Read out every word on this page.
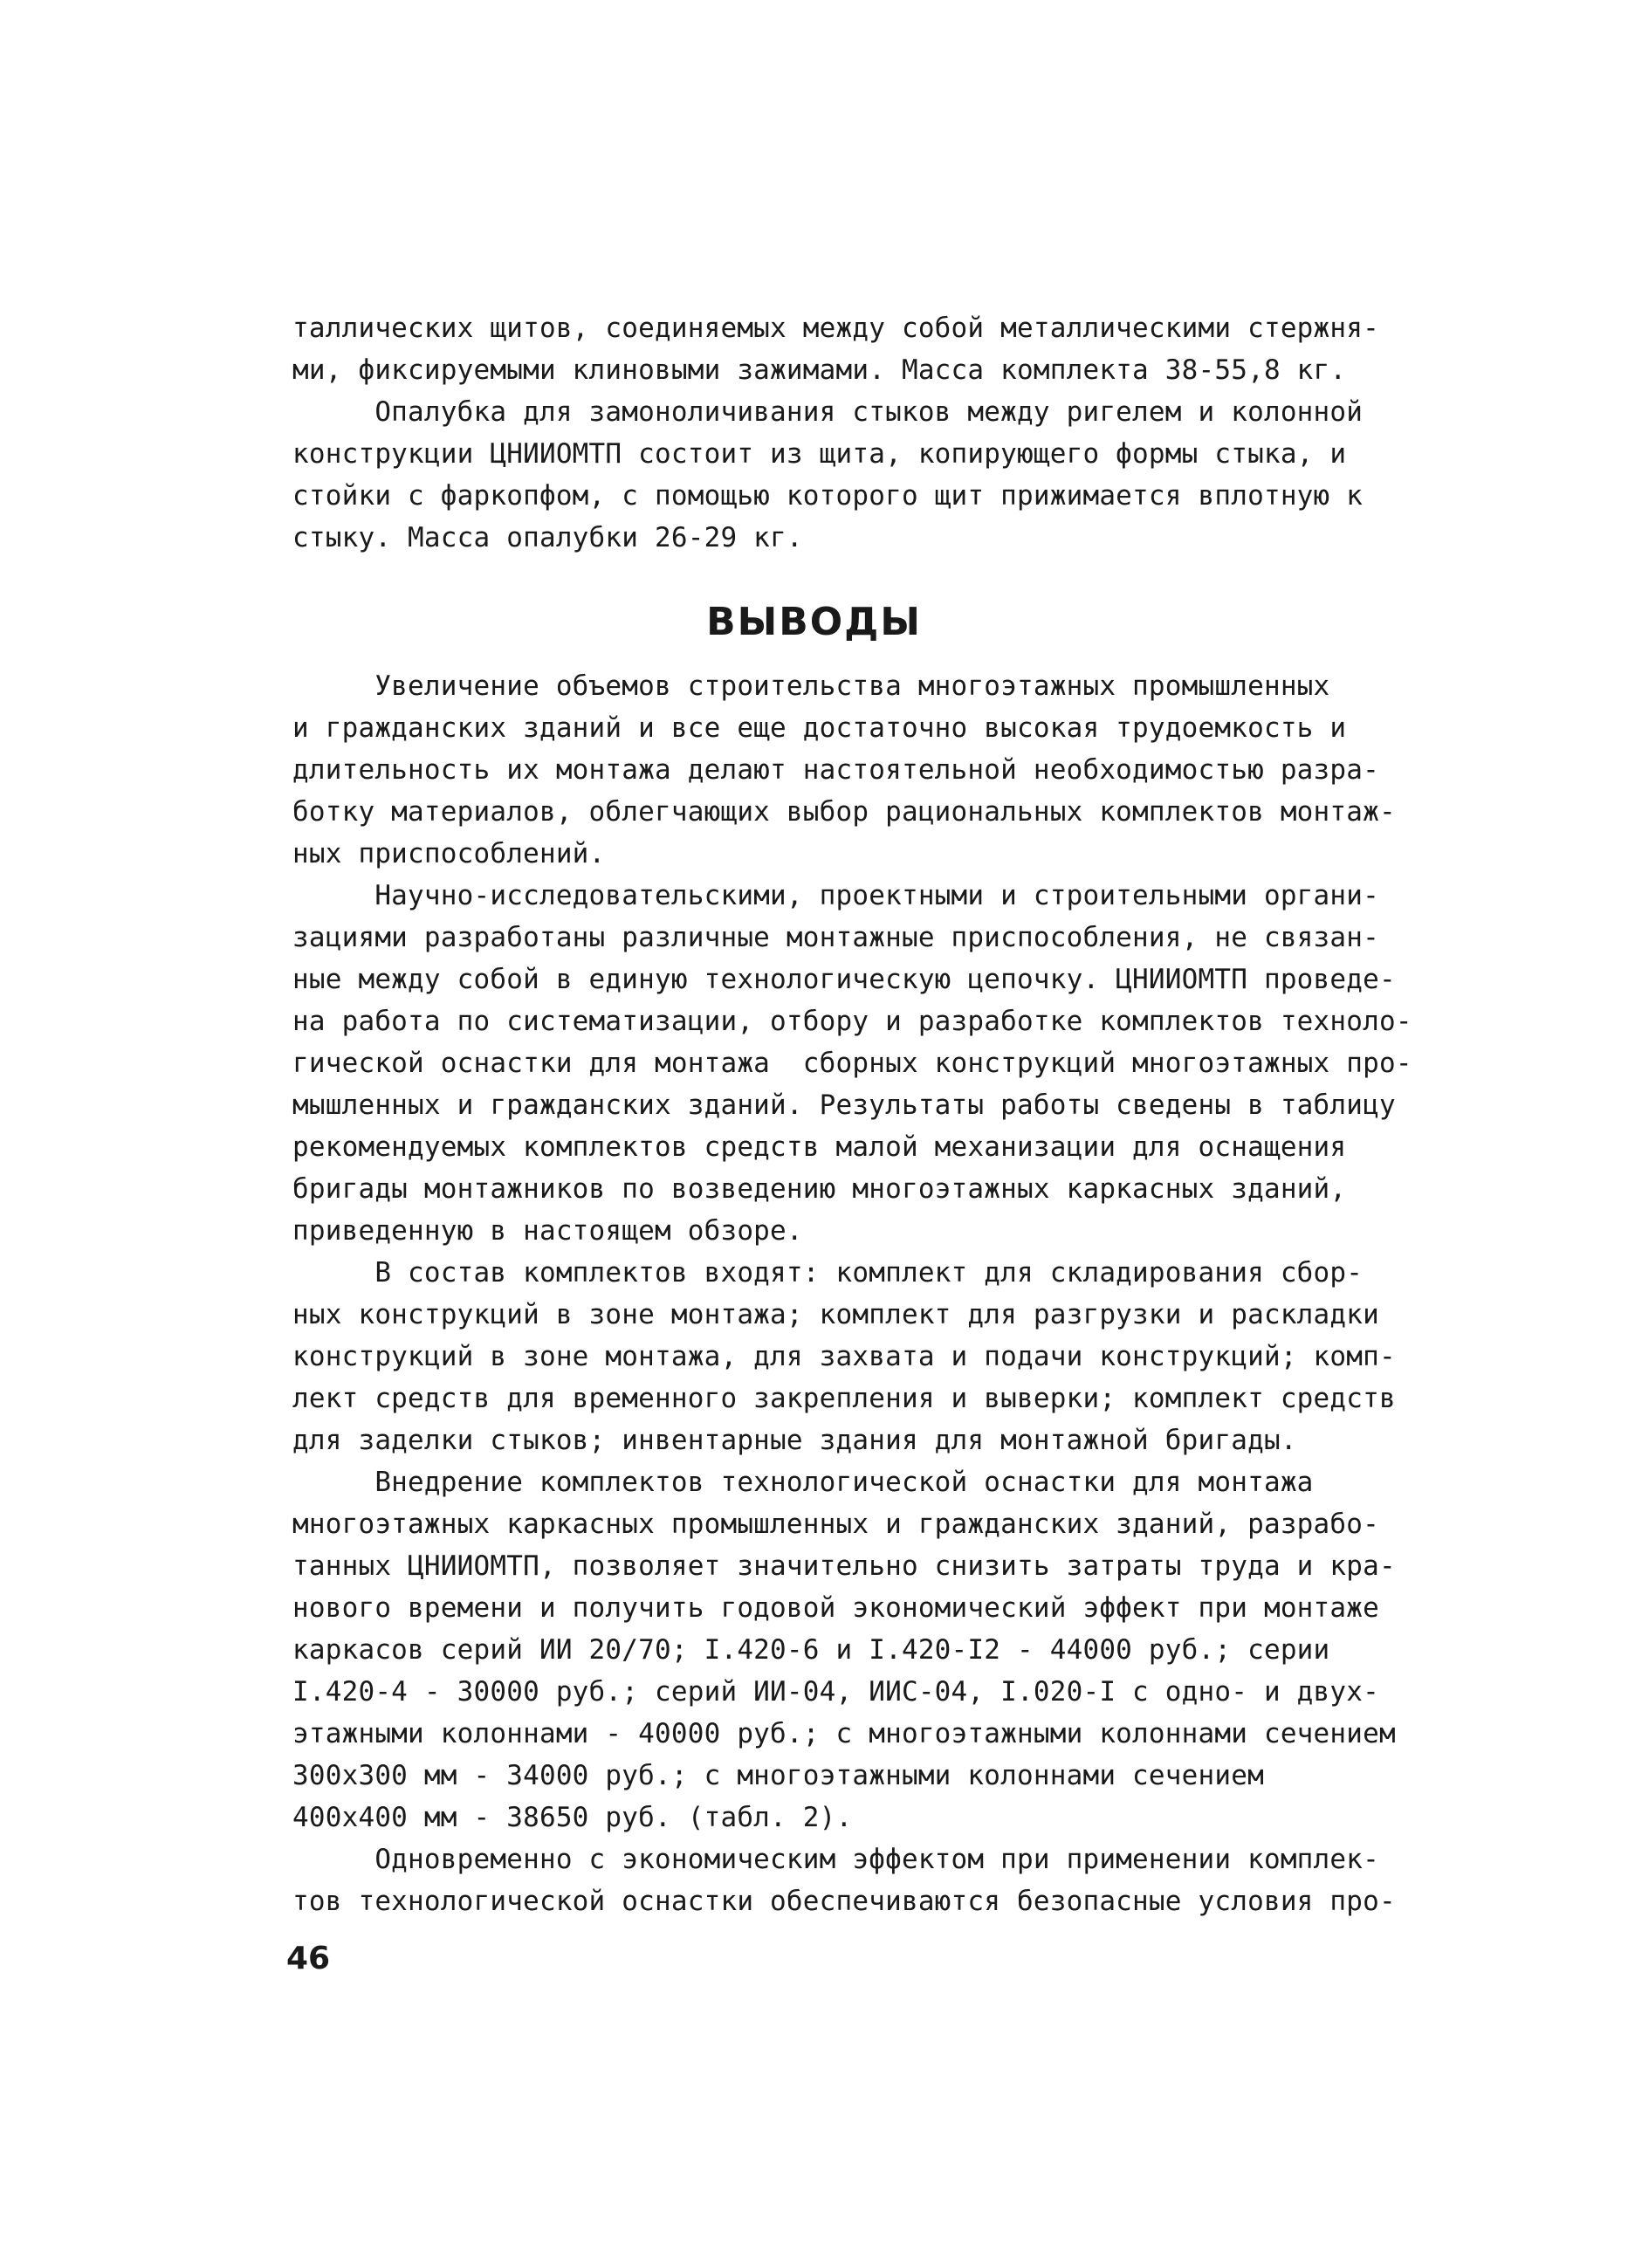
таллических щитов, соединяемых между собой металлическими стержня-
ми, фиксируемыми клиновыми зажимами. Масса комплекта 38-55,8 кг.
Опалубка для замоноличивания стыков между ригелем и колонной
конструкции ЦНИИОМТП состоит из щита, копирующего формы стыка, и
стойки с фаркопфом, с помощью которого щит прижимается вплотную к
стыку. Масса опалубки 26-29 кг.
ВЫВОДЫ
Увеличение объемов строительства многоэтажных промышленных
и гражданских зданий и все еще достаточно высокая трудоемкость и
длительность их монтажа делают настоятельной необходимостью разра-
ботку материалов, облегчающих выбор рациональных комплектов монтаж-
ных приспособлений.
Научно-исследовательскими, проектными и строительными органи-
зациями разработаны различные монтажные приспособления, не связан-
ные между собой в единую технологическую цепочку. ЦНИИОМТП проведе-
на работа по систематизации, отбору и разработке комплектов техноло-
гической оснастки для монтажа  сборных конструкций многоэтажных про-
мышленных и гражданских зданий. Результаты работы сведены в таблицу
рекомендуемых комплектов средств малой механизации для оснащения
бригады монтажников по возведению многоэтажных каркасных зданий,
приведенную в настоящем обзоре.
В состав комплектов входят: комплект для складирования сбор-
ных конструкций в зоне монтажа; комплект для разгрузки и раскладки
конструкций в зоне монтажа, для захвата и подачи конструкций; комп-
лект средств для временного закрепления и выверки; комплект средств
для заделки стыков; инвентарные здания для монтажной бригады.
Внедрение комплектов технологической оснастки для монтажа
многоэтажных каркасных промышленных и гражданских зданий, разрабо-
танных ЦНИИОМТП, позволяет значительно снизить затраты труда и кра-
нового времени и получить годовой экономический эффект при монтаже
каркасов серий ИИ 20/70; I.420-6 и I.420-I2 - 44000 руб.; серии
I.420-4 - 30000 руб.; серий ИИ-04, ИИС-04, I.020-I с одно- и двух-
этажными колоннами - 40000 руб.; с многоэтажными колоннами сечением
300х300 мм - 34000 руб.; с многоэтажными колоннами сечением
400х400 мм - 38650 руб. (табл. 2).
Одновременно с экономическим эффектом при применении комплек-
тов технологической оснастки обеспечиваются безопасные условия про-
46
